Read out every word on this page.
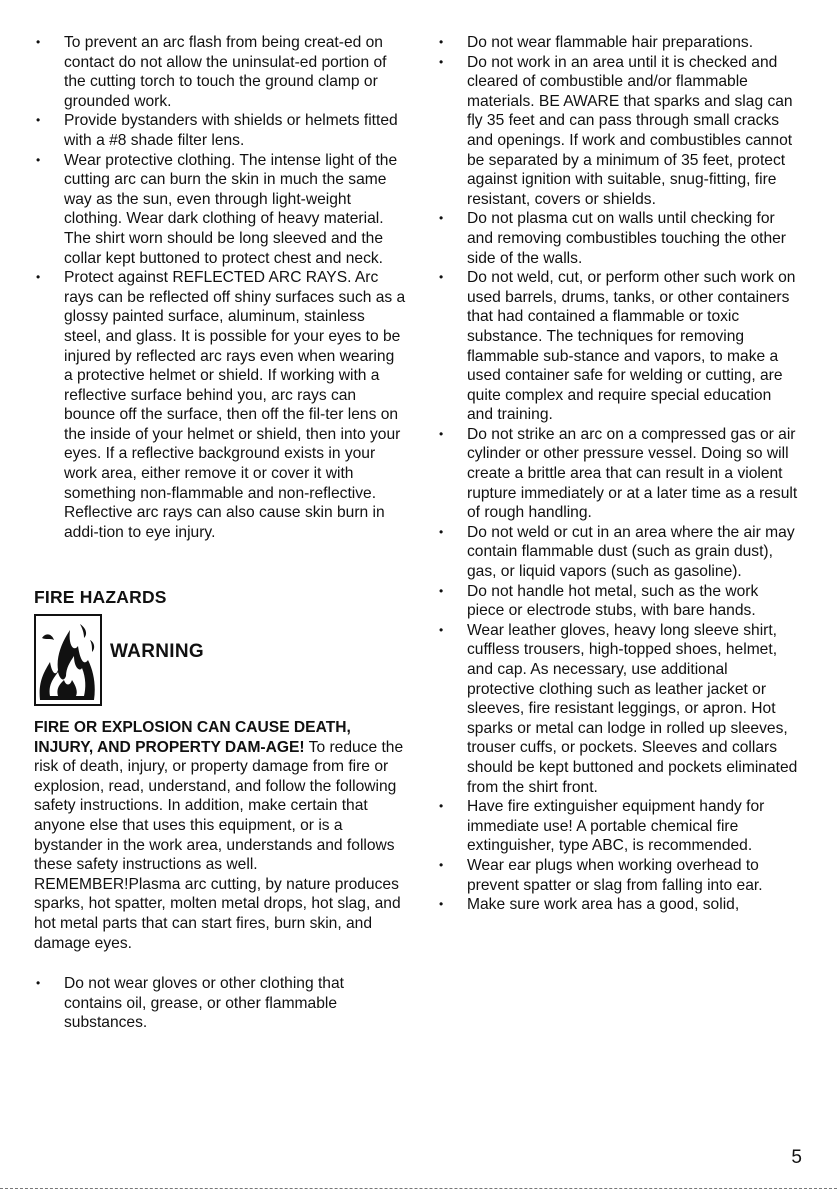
• To prevent an arc flash from being creat-ed on contact do not allow the uninsulat-ed portion of the cutting torch to touch the ground clamp or grounded work.
• Provide bystanders with shields or helmets fitted with a #8 shade filter lens.
• Wear protective clothing. The intense light of the cutting arc can burn the skin in much the same way as the sun, even through light-weight clothing. Wear dark clothing of heavy material. The shirt worn should be long sleeved and the collar kept buttoned to protect chest and neck.
• Protect against REFLECTED ARC RAYS. Arc rays can be reflected off shiny surfaces such as a glossy painted surface, aluminum, stainless steel, and glass. It is possible for your eyes to be injured by reflected arc rays even when wearing a protective helmet or shield. If working with a reflective surface behind you, arc rays can bounce off the surface, then off the fil-ter lens on the inside of your helmet or shield, then into your eyes. If a reflective background exists in your work area, either remove it or cover it with something non-flammable and non-reflective. Reflective arc rays can also cause skin burn in addi-tion to eye injury.
FIRE HAZARDS
WARNING

FIRE OR EXPLOSION CAN CAUSE DEATH, INJURY, AND PROPERTY DAM-AGE! To reduce the risk of death, injury, or property damage from fire or explosion, read, understand, and follow the following safety instructions. In addition, make certain that anyone else that uses this equipment, or is a bystander in the work area, understands and follows these safety instructions as well. REMEMBER!Plasma arc cutting, by nature produces sparks, hot spatter, molten metal drops, hot slag, and hot metal parts that can start fires, burn skin, and damage eyes.

• Do not wear gloves or other clothing that contains oil, grease, or other flammable substances.
• Do not wear flammable hair preparations.
• Do not work in an area until it is checked and cleared of combustible and/or flammable materials. BE AWARE that sparks and slag can fly 35 feet and can pass through small cracks and openings. If work and combustibles cannot be separated by a minimum of 35 feet, protect against ignition with suitable, snug-fitting, fire resistant, covers or shields.
• Do not plasma cut on walls until checking for and removing combustibles touching the other side of the walls.
• Do not weld, cut, or perform other such work on used barrels, drums, tanks, or other containers that had contained a flammable or toxic substance. The techniques for removing flammable sub-stance and vapors, to make a used container safe for welding or cutting, are quite complex and require special education and training.
• Do not strike an arc on a compressed gas or air cylinder or other pressure vessel. Doing so will create a brittle area that can result in a violent rupture immediately or at a later time as a result of rough handling.
• Do not weld or cut in an area where the air may contain flammable dust (such as grain dust), gas, or liquid vapors (such as gasoline).
• Do not handle hot metal, such as the work piece or electrode stubs, with bare hands.
• Wear leather gloves, heavy long sleeve shirt, cuffless trousers, high-topped shoes, helmet, and cap. As necessary, use additional protective clothing such as leather jacket or sleeves, fire resistant leggings, or apron. Hot sparks or metal can lodge in rolled up sleeves, trouser cuffs, or pockets. Sleeves and collars should be kept buttoned and pockets eliminated from the shirt front.
• Have fire extinguisher equipment handy for immediate use! A portable chemical fire extinguisher, type ABC, is recommended.
• Wear ear plugs when working overhead to prevent spatter or slag from falling into ear.
• Make sure work area has a good, solid,
5
